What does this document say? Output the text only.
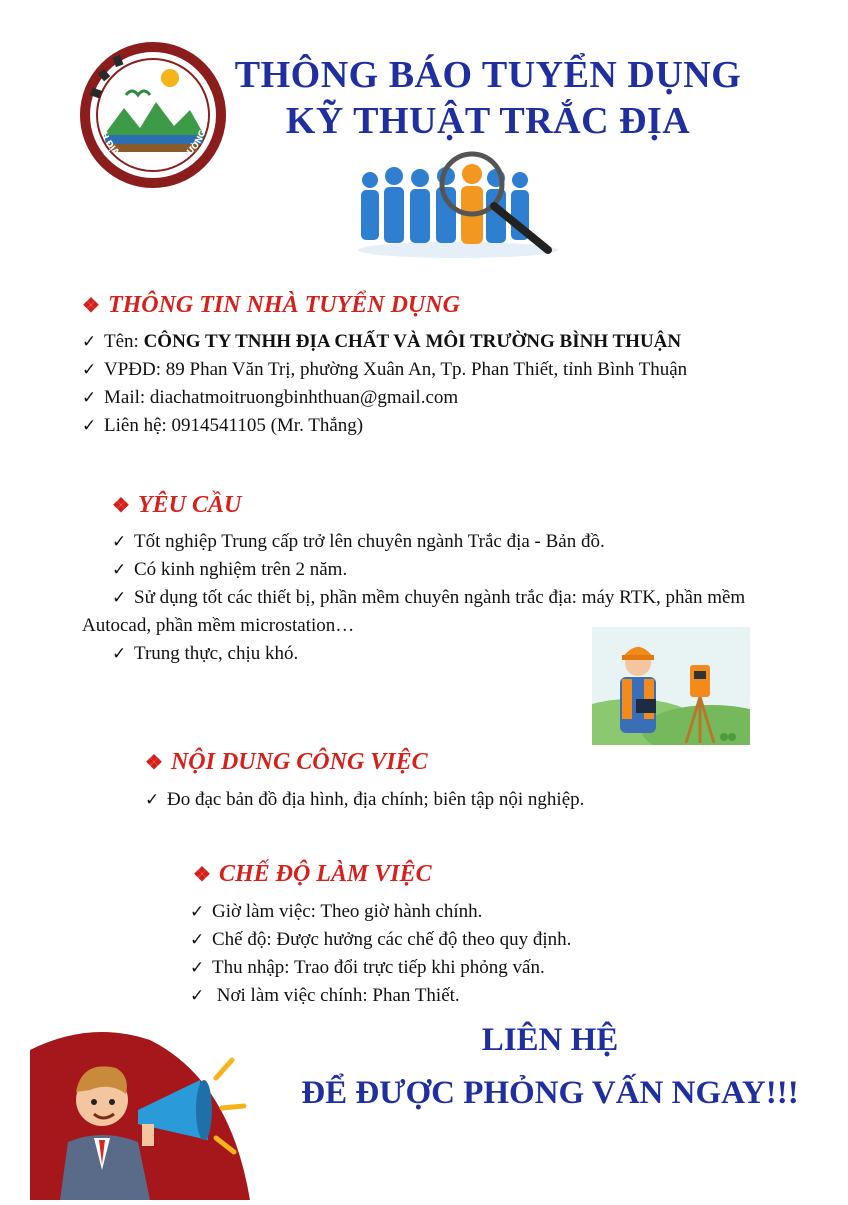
TNHH ĐỊA CHẤT VÀ MÔI TRƯỜNG BÌN
THÔNG BÁO TUYỂN DỤNG
KỸ THUẬT TRẮC ĐỊA
❖ THÔNG TIN NHÀ TUYỂN DỤNG
✓ Tên: CÔNG TY TNHH ĐỊA CHẤT VÀ MÔI TRƯỜNG BÌNH THUẬN
✓ VPĐD: 89 Phan Văn Trị, phường Xuân An, Tp. Phan Thiết, tỉnh Bình Thuận
✓ Mail: diachatmoitruongbinhthuan@gmail.com
✓ Liên hệ: 0914541105 (Mr. Thắng)
❖ YÊU CẦU
✓ Tốt nghiệp Trung cấp trở lên chuyên ngành Trắc địa - Bản đồ.
✓ Có kinh nghiệm trên 2 năm.
✓ Sử dụng tốt các thiết bị, phần mềm chuyên ngành trắc địa: máy RTK, phần mềm
Autocad, phần mềm microstation…
✓ Trung thực, chịu khó.
❖ NỘI DUNG CÔNG VIỆC
✓ Đo đạc bản đồ địa hình, địa chính; biên tập nội nghiệp.
❖ CHẾ ĐỘ LÀM VIỆC
✓ Giờ làm việc: Theo giờ hành chính.
✓ Chế độ: Được hưởng các chế độ theo quy định.
✓ Thu nhập: Trao đổi trực tiếp khi phỏng vấn.
✓ Nơi làm việc chính: Phan Thiết.
LIÊN HỆ
ĐỂ ĐƯỢC PHỎNG VẤN NGAY!!!
